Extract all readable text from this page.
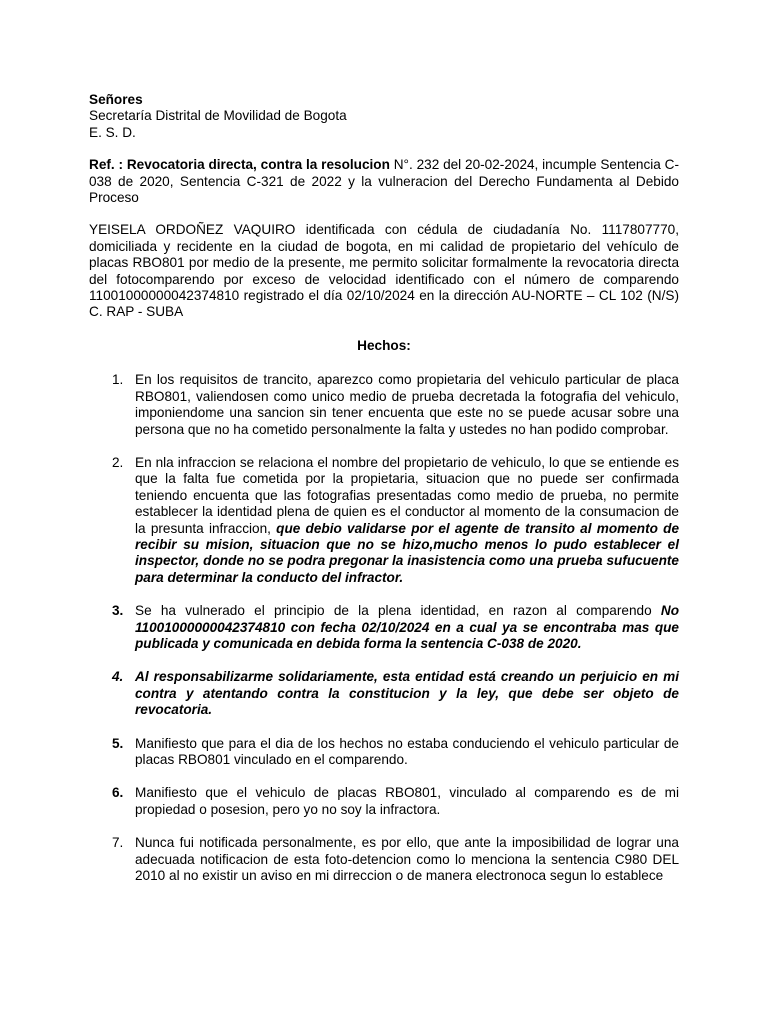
Señores

Secretaría Distrital de Movilidad de Bogota

E. S. D.

Ref. : Revocatoria directa, contra la resolucion N°. 232 del 20-02-2024, incumple Sentencia C-038 de 2020, Sentencia C-321 de 2022 y la vulneracion del Derecho Fundamenta al Debido Proceso

YEISELA ORDOÑEZ VAQUIRO identificada con cédula de ciudadanía No. 1117807770, domiciliada y recidente en la ciudad de bogota, en mi calidad de propietario del vehículo de placas RBO801 por medio de la presente, me permito solicitar formalmente la revocatoria directa del fotocomparendo por exceso de velocidad identificado con el número de comparendo 11001000000042374810 registrado el día 02/10/2024 en la dirección AU-NORTE – CL 102 (N/S) C. RAP - SUBA

Hechos:
1. En los requisitos de trancito, aparezco como propietaria del vehiculo particular de placa RBO801, valiendosen como unico medio de prueba decretada la fotografia del vehiculo, imponiendome una sancion sin tener encuenta que este no se puede acusar sobre una persona que no ha cometido personalmente la falta y ustedes no han podido comprobar.

2. En nla infraccion se relaciona el nombre del propietario de vehiculo, lo que se entiende es que la falta fue cometida por la propietaria, situacion que no puede ser confirmada teniendo encuenta que las fotografias presentadas como medio de prueba, no permite establecer la identidad plena de quien es el conductor al momento de la consumacion de la presunta infraccion, que debio validarse por el agente de transito al momento de recibir su mision, situacion que no se hizo,mucho menos lo pudo establecer el inspector, donde no se podra pregonar la inasistencia como una prueba sufucuente para determinar la conducto del infractor.

3. Se ha vulnerado el principio de la plena identidad, en razon al comparendo No 11001000000042374810 con fecha 02/10/2024 en a cual ya se encontraba mas que publicada y comunicada en debida forma la sentencia C-038 de 2020.

4. Al responsabilizarme solidariamente, esta entidad está creando un perjuicio en mi contra y atentando contra la constitucion y la ley, que debe ser objeto de revocatoria.

5. Manifiesto que para el dia de los hechos no estaba conduciendo el vehiculo particular de placas RBO801 vinculado en el comparendo.

6. Manifiesto que el vehiculo de placas RBO801, vinculado al comparendo es de mi propiedad o posesion, pero yo no soy la infractora.

7. Nunca fui notificada personalmente, es por ello, que ante la imposibilidad de lograr una adecuada notificacion de esta foto-detencion como lo menciona la sentencia C980 DEL 2010 al no existir un aviso en mi dirreccion o de manera electronoca segun lo establece
